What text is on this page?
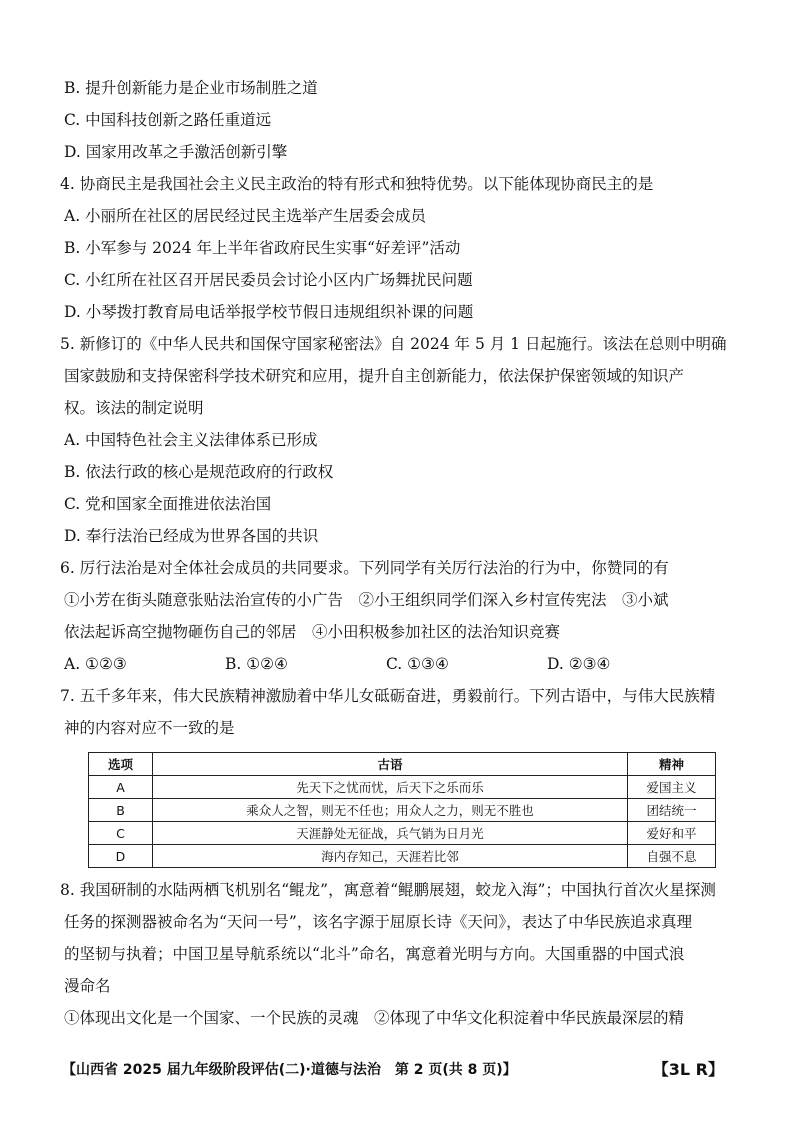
B. 提升创新能力是企业市场制胜之道
C. 中国科技创新之路任重道远
D. 国家用改革之手激活创新引擎
4. 协商民主是我国社会主义民主政治的特有形式和独特优势。以下能体现协商民主的是
A. 小丽所在社区的居民经过民主选举产生居委会成员
B. 小军参与 2024 年上半年省政府民生实事“好差评”活动
C. 小红所在社区召开居民委员会讨论小区内广场舞扰民问题
D. 小琴拨打教育局电话举报学校节假日违规组织补课的问题
5. 新修订的《中华人民共和国保守国家秘密法》自 2024 年 5 月 1 日起施行。该法在总则中明确
国家鼓励和支持保密科学技术研究和应用，提升自主创新能力，依法保护保密领域的知识产
权。该法的制定说明
A. 中国特色社会主义法律体系已形成
B. 依法行政的核心是规范政府的行政权
C. 党和国家全面推进依法治国
D. 奉行法治已经成为世界各国的共识
6. 厉行法治是对全体社会成员的共同要求。下列同学有关厉行法治的行为中，你赞同的有
①小芳在街头随意张贴法治宣传的小广告　②小王组织同学们深入乡村宣传宪法　③小斌
依法起诉高空抛物砸伤自己的邻居　④小田积极参加社区的法治知识竞赛
A. ①②③	B. ①②④	C. ①③④	D. ②③④
7. 五千多年来，伟大民族精神激励着中华儿女砥砺奋进，勇毅前行。下列古语中，与伟大民族精
神的内容对应不一致的是
选项	古语	精神
A	先天下之忧而忧，后天下之乐而乐	爱国主义
B	乘众人之智，则无不任也；用众人之力，则无不胜也	团结统一
C	天涯静处无征战，兵气销为日月光	爱好和平
D	海内存知己，天涯若比邻	自强不息
8. 我国研制的水陆两栖飞机别名“鲲龙”，寓意着“鲲鹏展翅，蛟龙入海”；中国执行首次火星探测
任务的探测器被命名为“天问一号”，该名字源于屈原长诗《天问》，表达了中华民族追求真理
的坚韧与执着；中国卫星导航系统以“北斗”命名，寓意着光明与方向。大国重器的中国式浪
漫命名
①体现出文化是一个国家、一个民族的灵魂　②体现了中华文化积淀着中华民族最深层的精
【山西省 2025 届九年级阶段评估(二)·道德与法治　第 2 页(共 8 页)】	【3L R】
